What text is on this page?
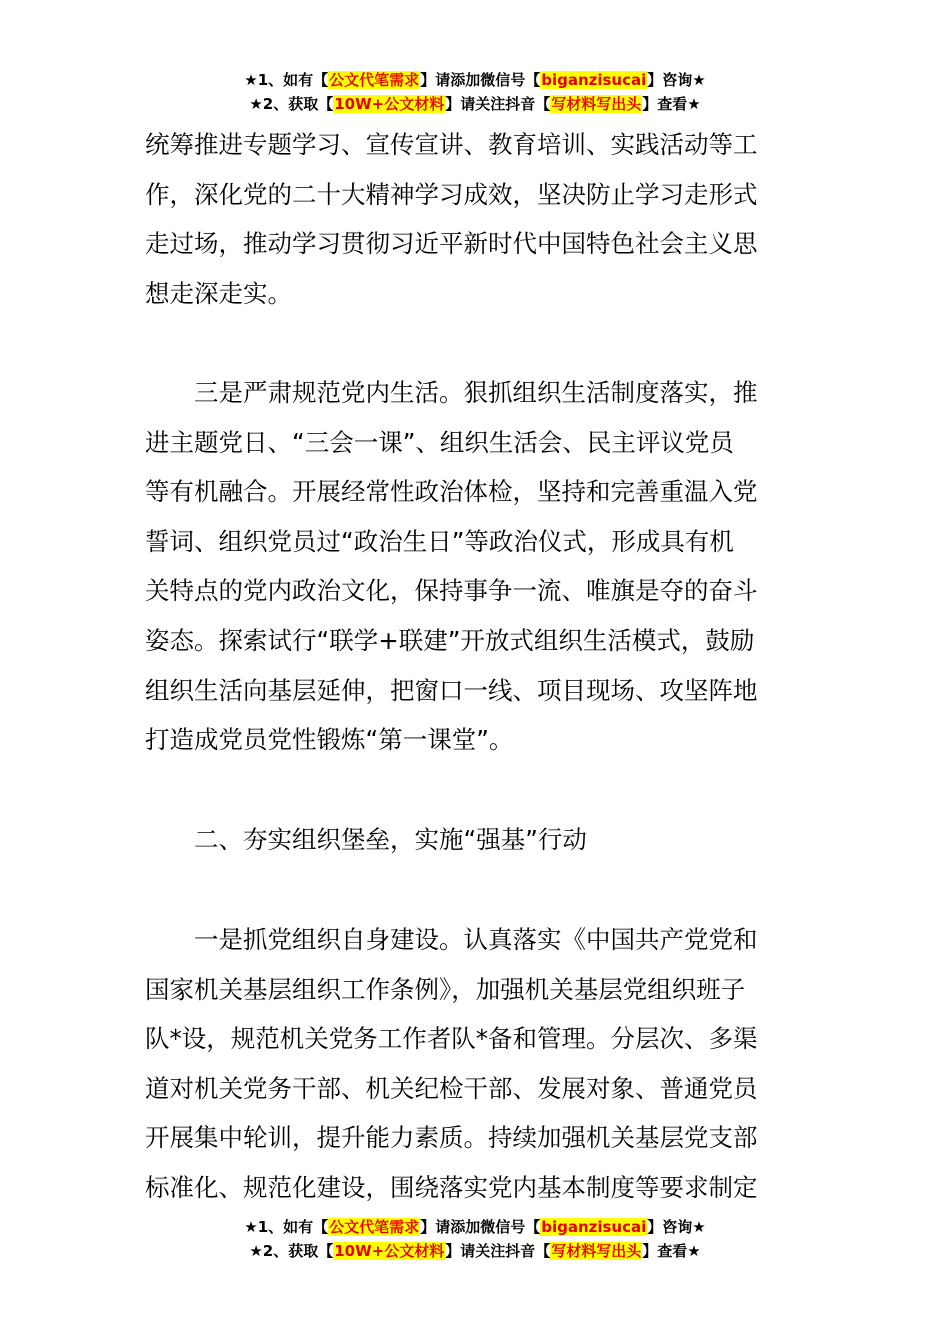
★1、如有【公文代笔需求】请添加微信号【biganzisucai】咨询★
★2、获取【10W+公文材料】请关注抖音【写材料写出头】查看★
统筹推进专题学习、宣传宣讲、教育培训、实践活动等工
作，深化党的二十大精神学习成效，坚决防止学习走形式
走过场，推动学习贯彻习近平新时代中国特色社会主义思
想走深走实。
三是严肃规范党内生活。狠抓组织生活制度落实，推
进主题党日、“三会一课”、组织生活会、民主评议党员
等有机融合。开展经常性政治体检，坚持和完善重温入党
誓词、组织党员过“政治生日”等政治仪式，形成具有机
关特点的党内政治文化，保持事争一流、唯旗是夺的奋斗
姿态。探索试行“联学+联建”开放式组织生活模式，鼓励
组织生活向基层延伸，把窗口一线、项目现场、攻坚阵地
打造成党员党性锻炼“第一课堂”。
二、夯实组织堡垒，实施“强基”行动
一是抓党组织自身建设。认真落实《中国共产党党和
国家机关基层组织工作条例》，加强机关基层党组织班子
队*设，规范机关党务工作者队*备和管理。分层次、多渠
道对机关党务干部、机关纪检干部、发展对象、普通党员
开展集中轮训，提升能力素质。持续加强机关基层党支部
标准化、规范化建设，围绕落实党内基本制度等要求制定
★1、如有【公文代笔需求】请添加微信号【biganzisucai】咨询★
★2、获取【10W+公文材料】请关注抖音【写材料写出头】查看★
